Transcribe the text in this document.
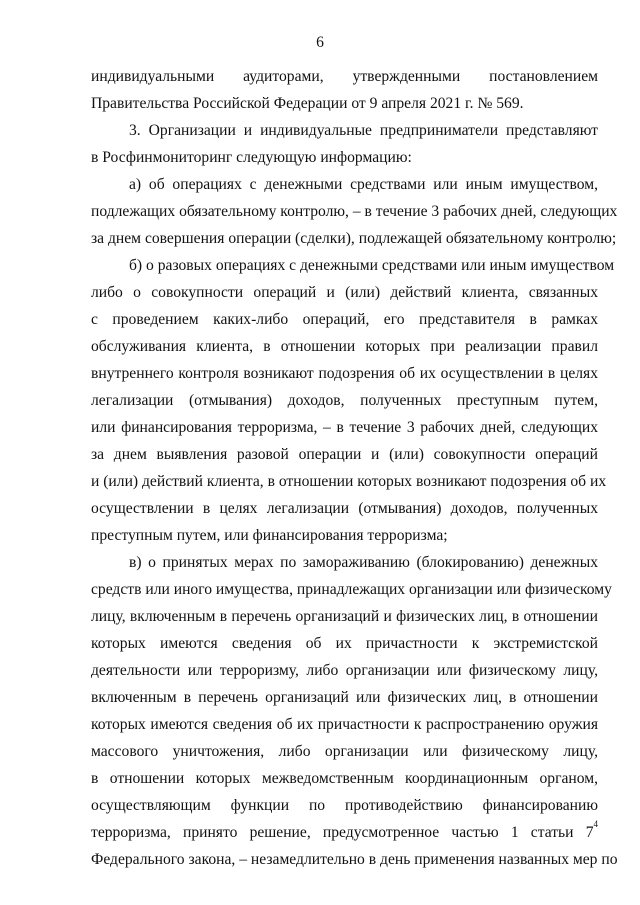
6
индивидуальными аудиторами, утвержденными постановлением
Правительства Российской Федерации от 9 апреля 2021 г. № 569.
3. Организации и индивидуальные предприниматели представляют
в Росфинмониторинг следующую информацию:
а) об операциях с денежными средствами или иным имуществом,
подлежащих обязательному контролю, – в течение 3 рабочих дней, следующих
за днем совершения операции (сделки), подлежащей обязательному контролю;
б) о разовых операциях с денежными средствами или иным имуществом
либо о совокупности операций и (или) действий клиента, связанных
с проведением каких-либо операций, его представителя в рамках
обслуживания клиента, в отношении которых при реализации правил
внутреннего контроля возникают подозрения об их осуществлении в целях
легализации (отмывания) доходов, полученных преступным путем,
или финансирования терроризма, – в течение 3 рабочих дней, следующих
за днем выявления разовой операции и (или) совокупности операций
и (или) действий клиента, в отношении которых возникают подозрения об их
осуществлении в целях легализации (отмывания) доходов, полученных
преступным путем, или финансирования терроризма;
в) о принятых мерах по замораживанию (блокированию) денежных
средств или иного имущества, принадлежащих организации или физическому
лицу, включенным в перечень организаций и физических лиц, в отношении
которых имеются сведения об их причастности к экстремистской
деятельности или терроризму, либо организации или физическому лицу,
включенным в перечень организаций или физических лиц, в отношении
которых имеются сведения об их причастности к распространению оружия
массового уничтожения, либо организации или физическому лицу,
в отношении которых межведомственным координационным органом,
осуществляющим функции по противодействию финансированию
терроризма, принято решение, предусмотренное частью 1 статьи $7^4$
Федерального закона, – незамедлительно в день применения названных мер по
